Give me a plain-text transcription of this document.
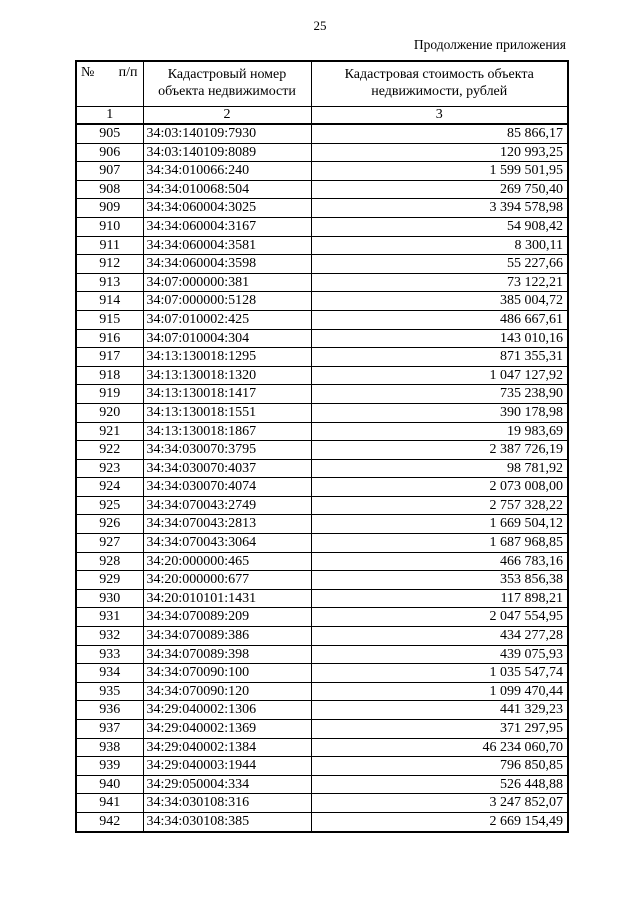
25
Продолжение приложения
№ п/п	Кадастровый номер объекта недвижимости	Кадастровая стоимость объекта недвижимости, рублей
1	2	3
905	34:03:140109:7930	85 866,17
906	34:03:140109:8089	120 993,25
907	34:34:010066:240	1 599 501,95
908	34:34:010068:504	269 750,40
909	34:34:060004:3025	3 394 578,98
910	34:34:060004:3167	54 908,42
911	34:34:060004:3581	8 300,11
912	34:34:060004:3598	55 227,66
913	34:07:000000:381	73 122,21
914	34:07:000000:5128	385 004,72
915	34:07:010002:425	486 667,61
916	34:07:010004:304	143 010,16
917	34:13:130018:1295	871 355,31
918	34:13:130018:1320	1 047 127,92
919	34:13:130018:1417	735 238,90
920	34:13:130018:1551	390 178,98
921	34:13:130018:1867	19 983,69
922	34:34:030070:3795	2 387 726,19
923	34:34:030070:4037	98 781,92
924	34:34:030070:4074	2 073 008,00
925	34:34:070043:2749	2 757 328,22
926	34:34:070043:2813	1 669 504,12
927	34:34:070043:3064	1 687 968,85
928	34:20:000000:465	466 783,16
929	34:20:000000:677	353 856,38
930	34:20:010101:1431	117 898,21
931	34:34:070089:209	2 047 554,95
932	34:34:070089:386	434 277,28
933	34:34:070089:398	439 075,93
934	34:34:070090:100	1 035 547,74
935	34:34:070090:120	1 099 470,44
936	34:29:040002:1306	441 329,23
937	34:29:040002:1369	371 297,95
938	34:29:040002:1384	46 234 060,70
939	34:29:040003:1944	796 850,85
940	34:29:050004:334	526 448,88
941	34:34:030108:316	3 247 852,07
942	34:34:030108:385	2 669 154,49
